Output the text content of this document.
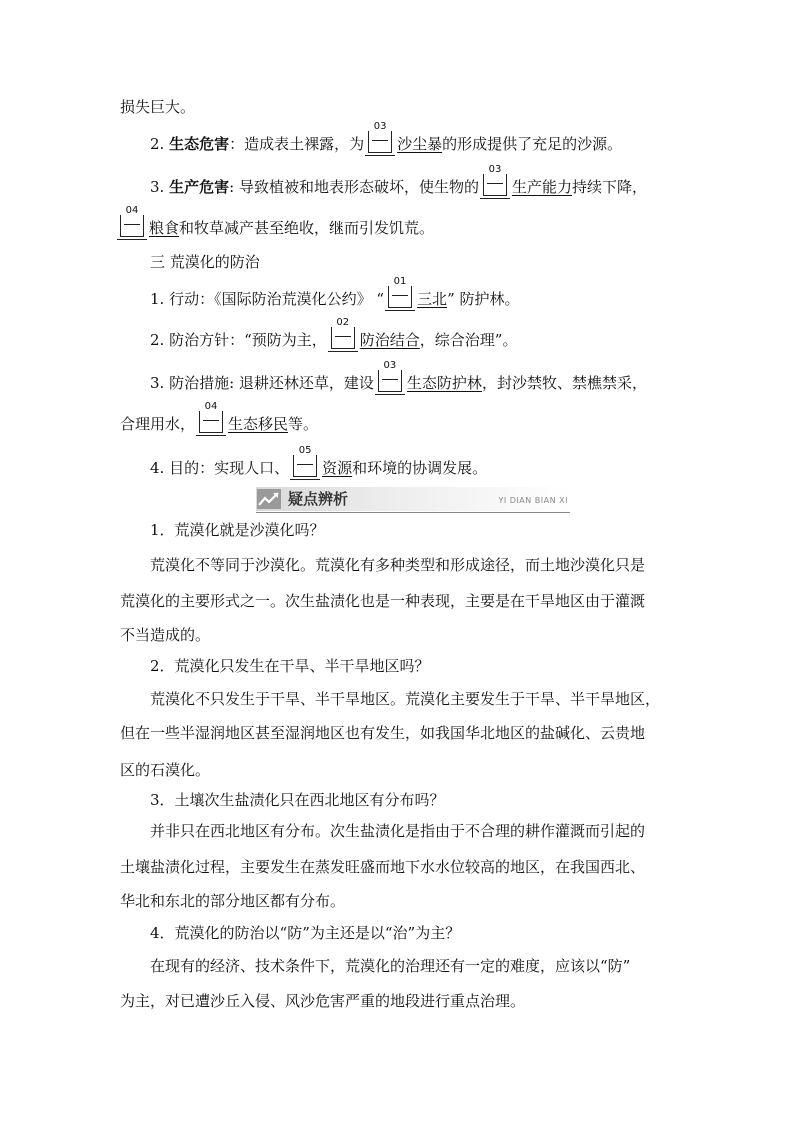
损失巨大。
2. 生态危害：造成表土裸露，为
03
沙尘暴的形成提供了充足的沙源。
3. 生产危害: 导致植被和地表形态破坏，使生物的
03
生产能力持续下降，
04
粮食和牧草减产甚至绝收，继而引发饥荒。
三 荒漠化的防治
1. 行动：《国际防治荒漠化公约》 “
01
三北” 防护林。
2. 防治方针：“预防为主，
02
防治结合，综合治理”。
3. 防治措施: 退耕还林还草，建设
03
生态防护林，封沙禁牧、禁樵禁采，
合理用水，
04
生态移民等。
4. 目的：实现人口、
05
资源和环境的协调发展。
疑点辨析	YI DIAN BIAN XI
1．荒漠化就是沙漠化吗？
荒漠化不等同于沙漠化。荒漠化有多种类型和形成途径，而土地沙漠化只是
荒漠化的主要形式之一。次生盐渍化也是一种表现，主要是在干旱地区由于灌溉
不当造成的。
2．荒漠化只发生在干旱、半干旱地区吗？
荒漠化不只发生于干旱、半干旱地区。荒漠化主要发生于干旱、半干旱地区，
但在一些半湿润地区甚至湿润地区也有发生，如我国华北地区的盐碱化、云贵地
区的石漠化。
3．土壤次生盐渍化只在西北地区有分布吗？
并非只在西北地区有分布。次生盐渍化是指由于不合理的耕作灌溉而引起的
土壤盐渍化过程，主要发生在蒸发旺盛而地下水水位较高的地区，在我国西北、
华北和东北的部分地区都有分布。
4．荒漠化的防治以“防”为主还是以“治”为主？
在现有的经济、技术条件下，荒漠化的治理还有一定的难度，应该以“防”
为主，对已遭沙丘入侵、风沙危害严重的地段进行重点治理。
